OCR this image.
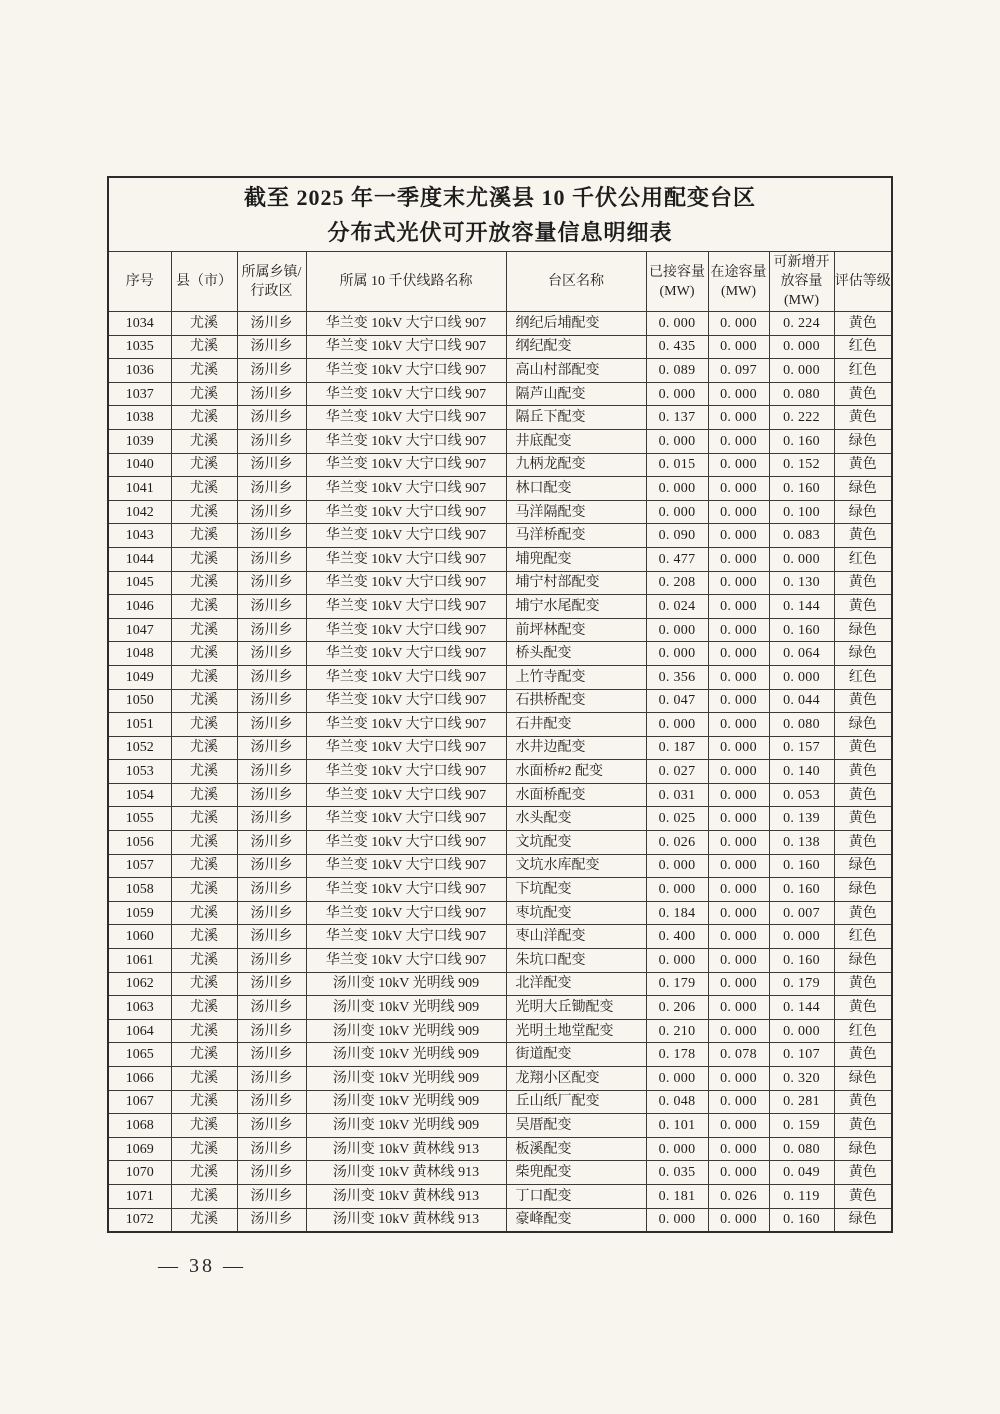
截至 2025 年一季度末尤溪县 10 千伏公用配变台区
分布式光伏可开放容量信息明细表								

序号	县（市）	所属乡镇/行政区	所属 10 千伏线路名称	台区名称	已接容量(MW)	在途容量(MW)	可新增开放容量(MW)	评估等级
1034	尤溪	汤川乡	华兰变 10kV 大宁口线 907	纲纪后埔配变	0. 000	0. 000	0. 224	黄色
1035	尤溪	汤川乡	华兰变 10kV 大宁口线 907	纲纪配变	0. 435	0. 000	0. 000	红色
1036	尤溪	汤川乡	华兰变 10kV 大宁口线 907	高山村部配变	0. 089	0. 097	0. 000	红色
1037	尤溪	汤川乡	华兰变 10kV 大宁口线 907	隔芦山配变	0. 000	0. 000	0. 080	黄色
1038	尤溪	汤川乡	华兰变 10kV 大宁口线 907	隔丘下配变	0. 137	0. 000	0. 222	黄色
1039	尤溪	汤川乡	华兰变 10kV 大宁口线 907	井底配变	0. 000	0. 000	0. 160	绿色
1040	尤溪	汤川乡	华兰变 10kV 大宁口线 907	九柄龙配变	0. 015	0. 000	0. 152	黄色
1041	尤溪	汤川乡	华兰变 10kV 大宁口线 907	林口配变	0. 000	0. 000	0. 160	绿色
1042	尤溪	汤川乡	华兰变 10kV 大宁口线 907	马洋隔配变	0. 000	0. 000	0. 100	绿色
1043	尤溪	汤川乡	华兰变 10kV 大宁口线 907	马洋桥配变	0. 090	0. 000	0. 083	黄色
1044	尤溪	汤川乡	华兰变 10kV 大宁口线 907	埔兜配变	0. 477	0. 000	0. 000	红色
1045	尤溪	汤川乡	华兰变 10kV 大宁口线 907	埔宁村部配变	0. 208	0. 000	0. 130	黄色
1046	尤溪	汤川乡	华兰变 10kV 大宁口线 907	埔宁水尾配变	0. 024	0. 000	0. 144	黄色
1047	尤溪	汤川乡	华兰变 10kV 大宁口线 907	前坪林配变	0. 000	0. 000	0. 160	绿色
1048	尤溪	汤川乡	华兰变 10kV 大宁口线 907	桥头配变	0. 000	0. 000	0. 064	绿色
1049	尤溪	汤川乡	华兰变 10kV 大宁口线 907	上竹寺配变	0. 356	0. 000	0. 000	红色
1050	尤溪	汤川乡	华兰变 10kV 大宁口线 907	石拱桥配变	0. 047	0. 000	0. 044	黄色
1051	尤溪	汤川乡	华兰变 10kV 大宁口线 907	石井配变	0. 000	0. 000	0. 080	绿色
1052	尤溪	汤川乡	华兰变 10kV 大宁口线 907	水井边配变	0. 187	0. 000	0. 157	黄色
1053	尤溪	汤川乡	华兰变 10kV 大宁口线 907	水面桥#2 配变	0. 027	0. 000	0. 140	黄色
1054	尤溪	汤川乡	华兰变 10kV 大宁口线 907	水面桥配变	0. 031	0. 000	0. 053	黄色
1055	尤溪	汤川乡	华兰变 10kV 大宁口线 907	水头配变	0. 025	0. 000	0. 139	黄色
1056	尤溪	汤川乡	华兰变 10kV 大宁口线 907	文坑配变	0. 026	0. 000	0. 138	黄色
1057	尤溪	汤川乡	华兰变 10kV 大宁口线 907	文坑水库配变	0. 000	0. 000	0. 160	绿色
1058	尤溪	汤川乡	华兰变 10kV 大宁口线 907	下坑配变	0. 000	0. 000	0. 160	绿色
1059	尤溪	汤川乡	华兰变 10kV 大宁口线 907	枣坑配变	0. 184	0. 000	0. 007	黄色
1060	尤溪	汤川乡	华兰变 10kV 大宁口线 907	枣山洋配变	0. 400	0. 000	0. 000	红色
1061	尤溪	汤川乡	华兰变 10kV 大宁口线 907	朱坑口配变	0. 000	0. 000	0. 160	绿色
1062	尤溪	汤川乡	汤川变 10kV 光明线 909	北洋配变	0. 179	0. 000	0. 179	黄色
1063	尤溪	汤川乡	汤川变 10kV 光明线 909	光明大丘锄配变	0. 206	0. 000	0. 144	黄色
1064	尤溪	汤川乡	汤川变 10kV 光明线 909	光明土地堂配变	0. 210	0. 000	0. 000	红色
1065	尤溪	汤川乡	汤川变 10kV 光明线 909	街道配变	0. 178	0. 078	0. 107	黄色
1066	尤溪	汤川乡	汤川变 10kV 光明线 909	龙翔小区配变	0. 000	0. 000	0. 320	绿色
1067	尤溪	汤川乡	汤川变 10kV 光明线 909	丘山纸厂配变	0. 048	0. 000	0. 281	黄色
1068	尤溪	汤川乡	汤川变 10kV 光明线 909	吴厝配变	0. 101	0. 000	0. 159	黄色
1069	尤溪	汤川乡	汤川变 10kV 黄林线 913	板溪配变	0. 000	0. 000	0. 080	绿色
1070	尤溪	汤川乡	汤川变 10kV 黄林线 913	柴兜配变	0. 035	0. 000	0. 049	黄色
1071	尤溪	汤川乡	汤川变 10kV 黄林线 913	丁口配变	0. 181	0. 026	0. 119	黄色
1072	尤溪	汤川乡	汤川变 10kV 黄林线 913	豪峰配变	0. 000	0. 000	0. 160	绿色
— 38 —
